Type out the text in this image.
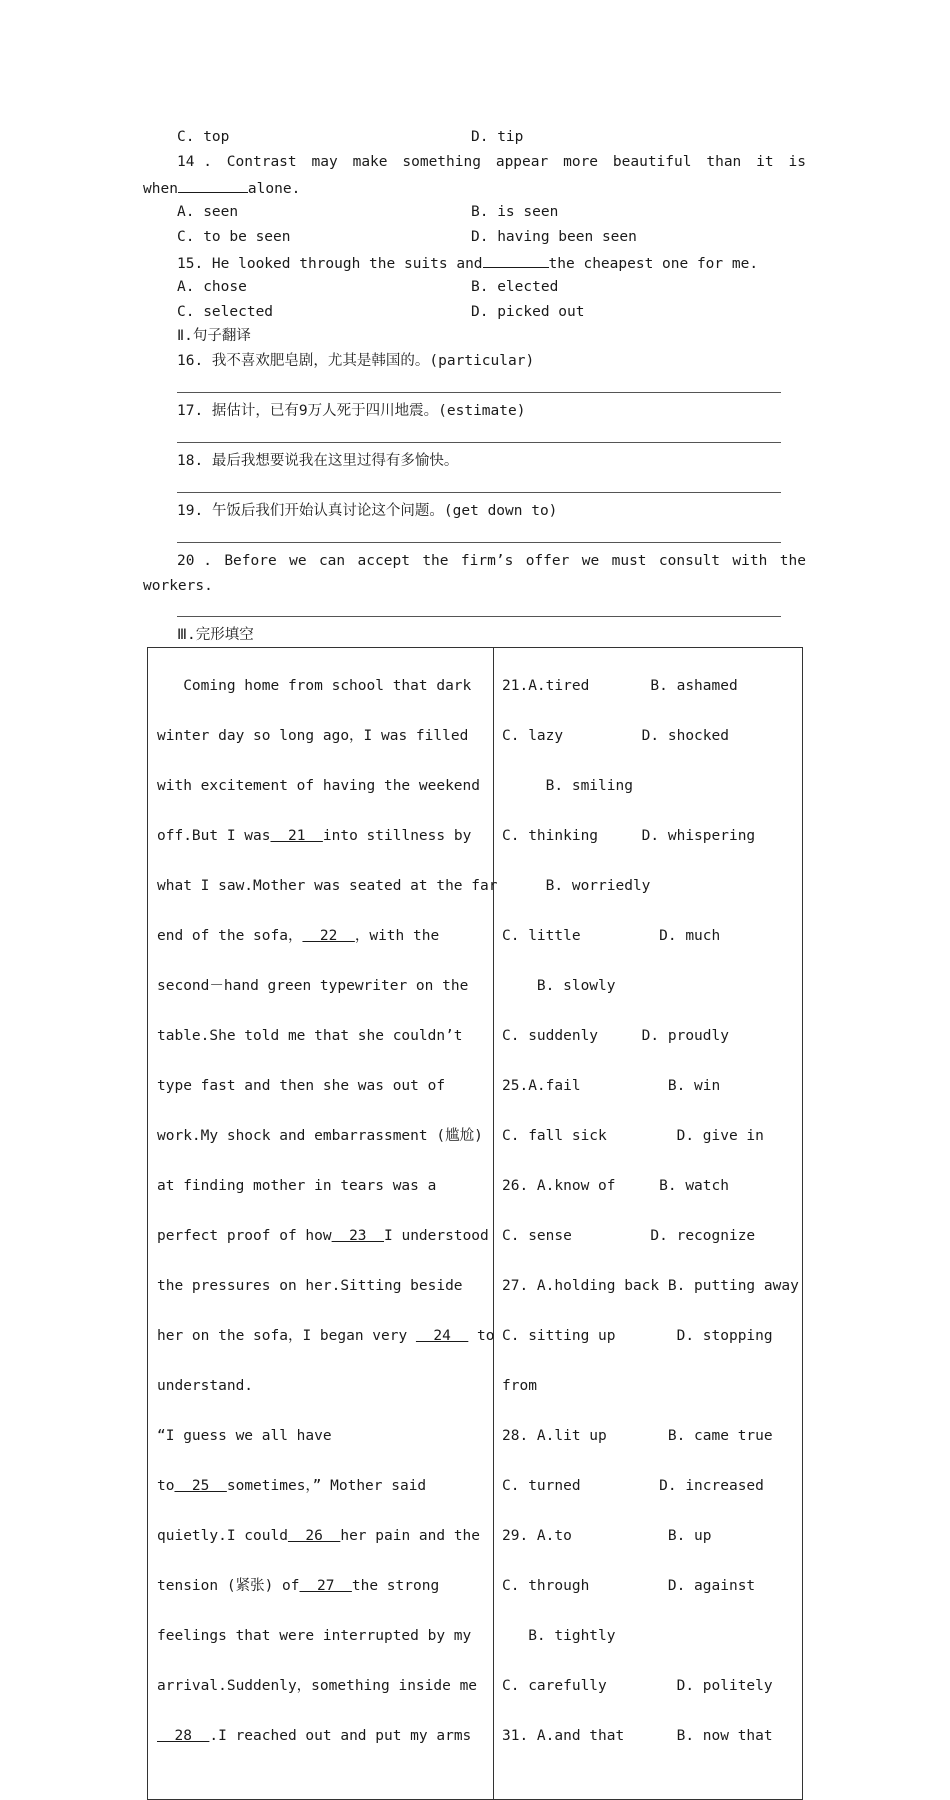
C. top	D. tip
14 . Contrast may make something appear more beautiful than it is
when	alone.
A. seen	B. is seen
C. to be seen	D. having been seen
15. He looked through the suits and	the cheapest one for me.
A. chose	B. elected
C. selected	D. picked out
Ⅱ.句子翻译
16. 我不喜欢肥皂剧，尤其是韩国的。(particular)
17. 据估计，已有9万人死于四川地震。(estimate)
18. 最后我想要说我在这里过得有多愉快。
19. 午饭后我们开始认真讨论这个问题。(get down to)
20 . Before we can accept the firm’s offer we must consult with the
workers.
Ⅲ.完形填空

Coming home from school that dark

winter day so long ago，I was filled

with excitement of having the weekend

off.But I was  21  into stillness by

what I saw.Mother was seated at the far

end of the sofa，  22  ，with the

second－hand green typewriter on the

table.She told me that she couldn’t

type fast and then she was out of

work.My shock and embarrassment (尴尬)

at finding mother in tears was a

perfect proof of how  23  I understood

the pressures on her.Sitting beside

her on the sofa，I began very   24   to

understand.

“I guess we all have

to  25  sometimes，” Mother said

quietly.I could  26  her pain and the

tension (紧张) of  27  the strong

feelings that were interrupted by my

arrival.Suddenly，something inside me

28  .I reached out and put my arms

21.A.tired       B. ashamed

C. lazy         D. shocked

B. smiling

C. thinking     D. whispering

B. worriedly

C. little         D. much

B. slowly

C. suddenly     D. proudly

25.A.fail          B. win

C. fall sick        D. give in

26. A.know of     B. watch

C. sense         D. recognize

27. A.holding back B. putting away

C. sitting up       D. stopping

from

28. A.lit up       B. came true

C. turned         D. increased

29. A.to           B. up

C. through         D. against

B. tightly

C. carefully        D. politely

31. A.and that      B. now that
